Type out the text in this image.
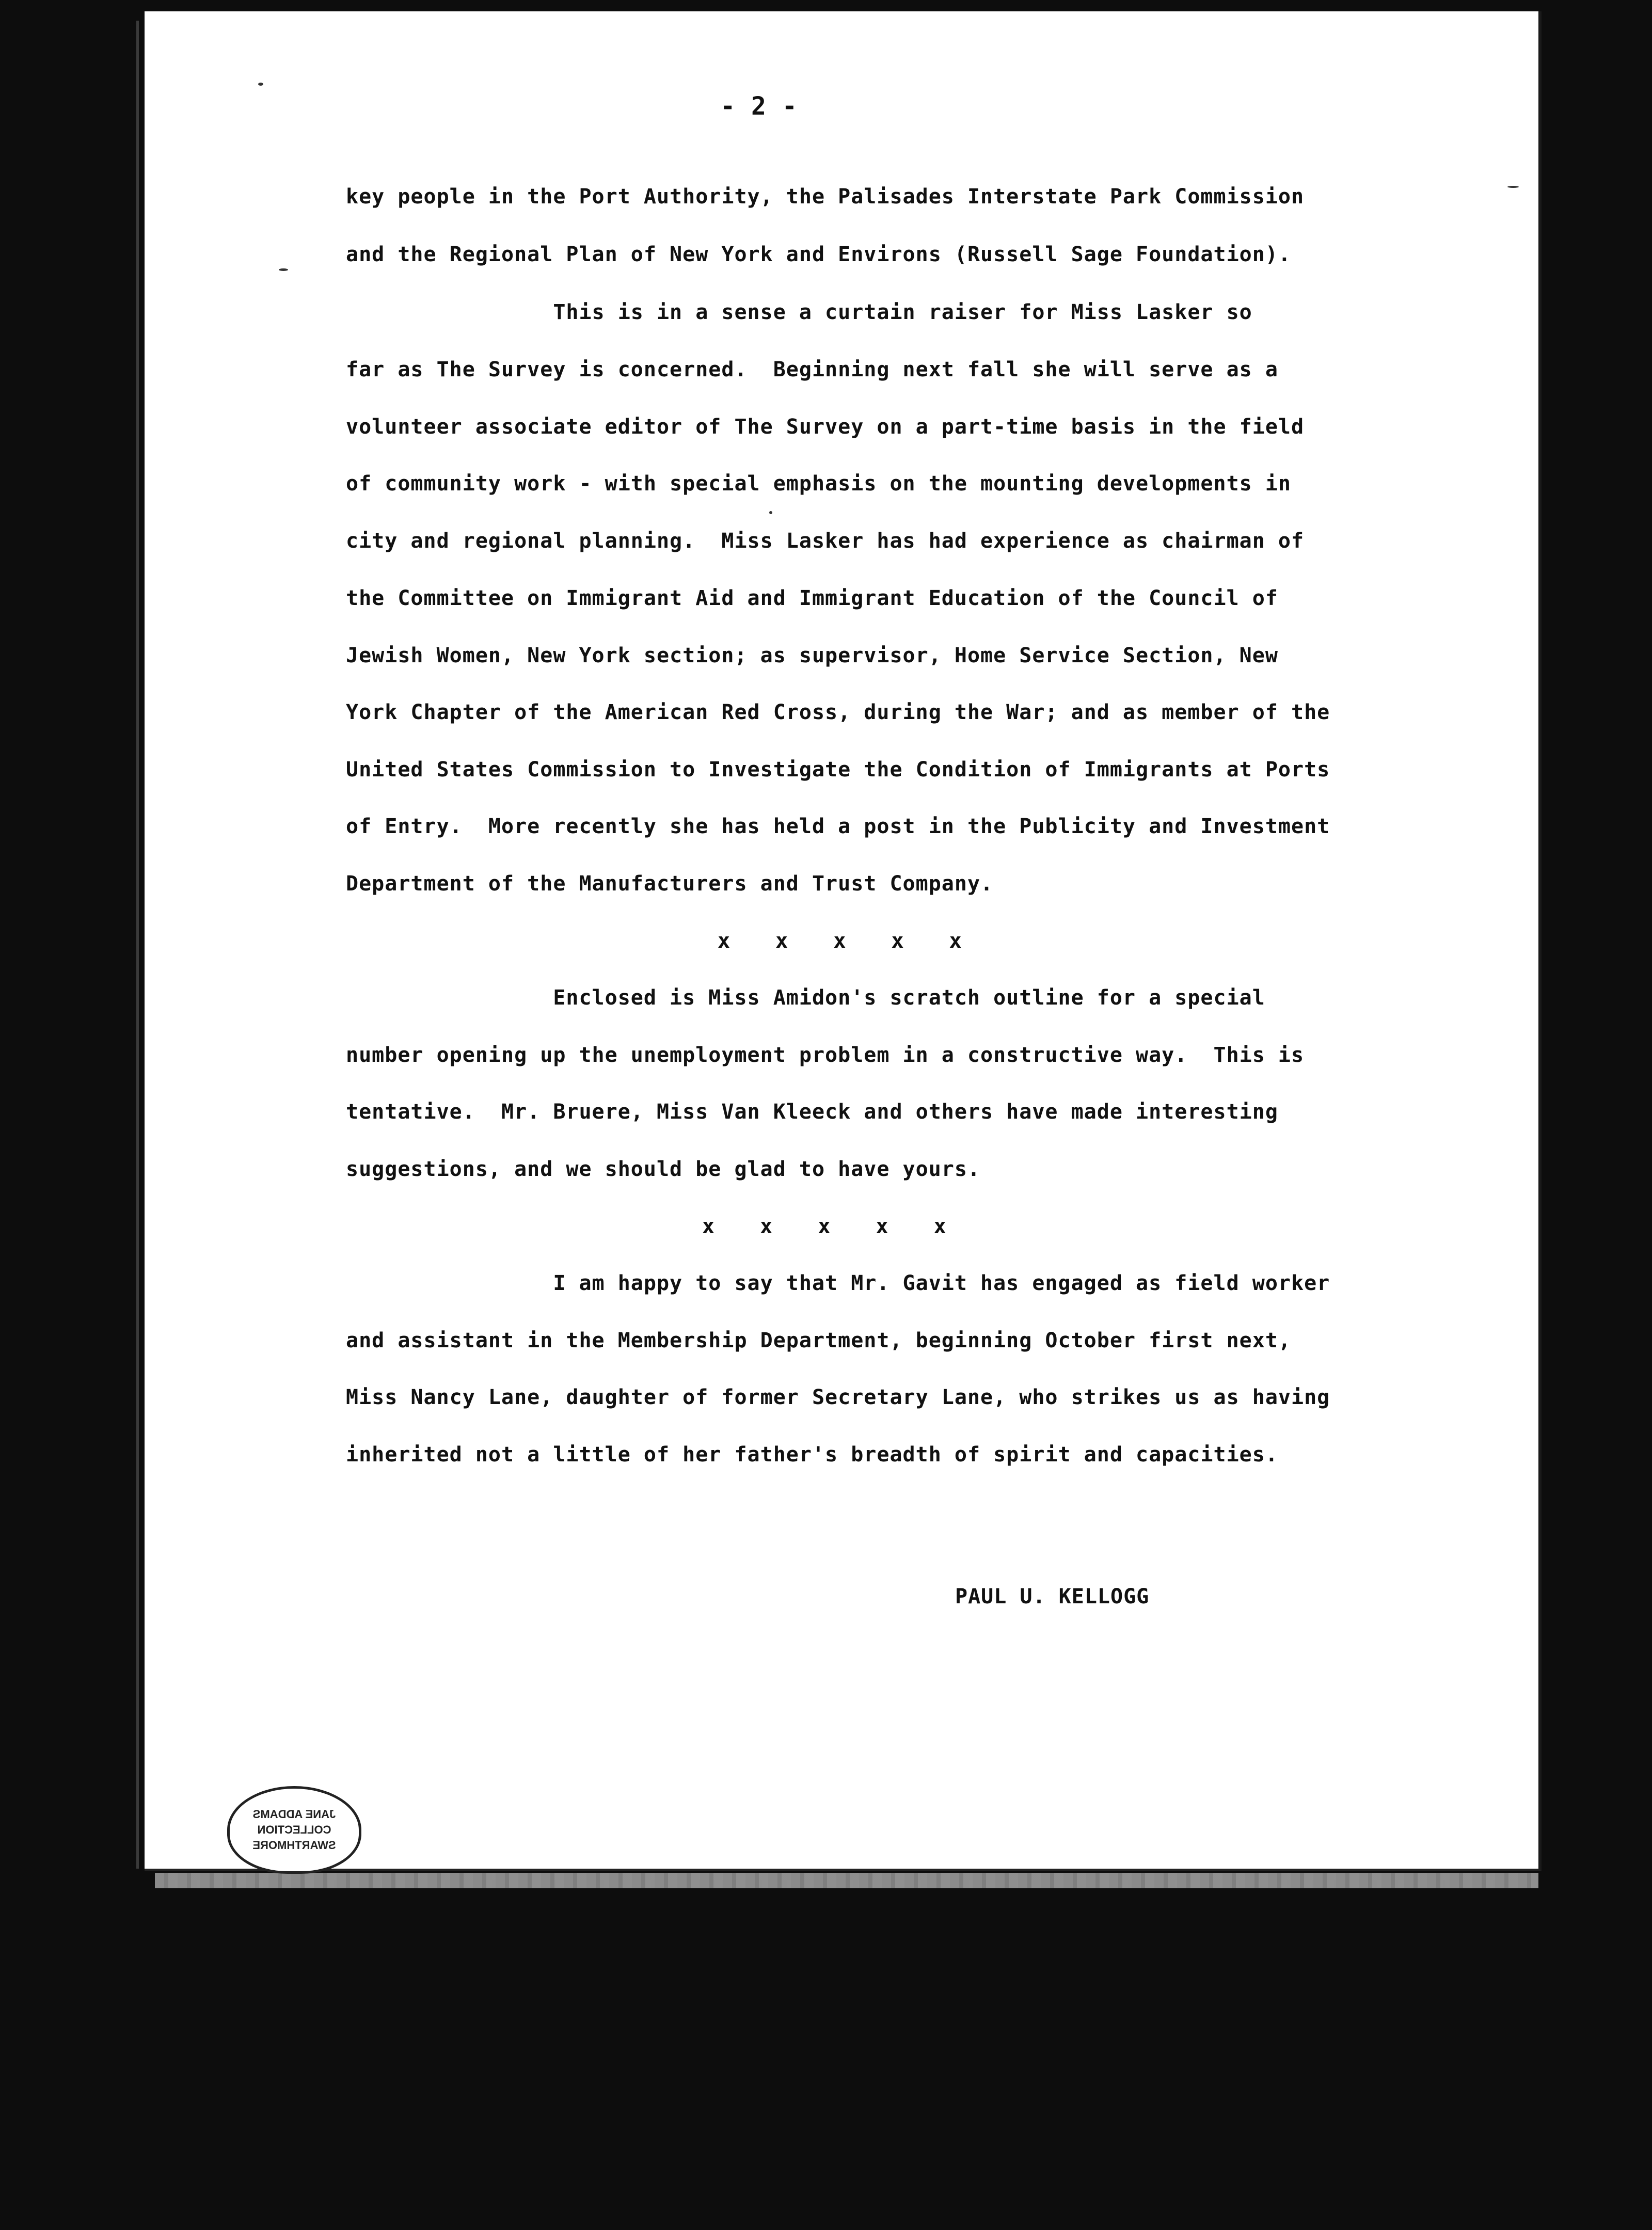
- 2 -
key people in the Port Authority, the Palisades Interstate Park Commission
and the Regional Plan of New York and Environs (Russell Sage Foundation).
This is in a sense a curtain raiser for Miss Lasker so
far as The Survey is concerned.  Beginning next fall she will serve as a
volunteer associate editor of The Survey on a part-time basis in the field
of community work - with special emphasis on the mounting developments in
city and regional planning.  Miss Lasker has had experience as chairman of
the Committee on Immigrant Aid and Immigrant Education of the Council of
Jewish Women, New York section; as supervisor, Home Service Section, New
York Chapter of the American Red Cross, during the War; and as member of the
United States Commission to Investigate the Condition of Immigrants at Ports
of Entry.  More recently she has held a post in the Publicity and Investment
Department of the Manufacturers and Trust Company.
x x x x x
Enclosed is Miss Amidon's scratch outline for a special
number opening up the unemployment problem in a constructive way.  This is
tentative.  Mr. Bruere, Miss Van Kleeck and others have made interesting
suggestions, and we should be glad to have yours.
x x x x x
I am happy to say that Mr. Gavit has engaged as field worker
and assistant in the Membership Department, beginning October first next,
Miss Nancy Lane, daughter of former Secretary Lane, who strikes us as having
inherited not a little of her father's breadth of spirit and capacities.
PAUL U. KELLOGG
JANE ADDAMS
COLLECTION
SWARTHMORE
